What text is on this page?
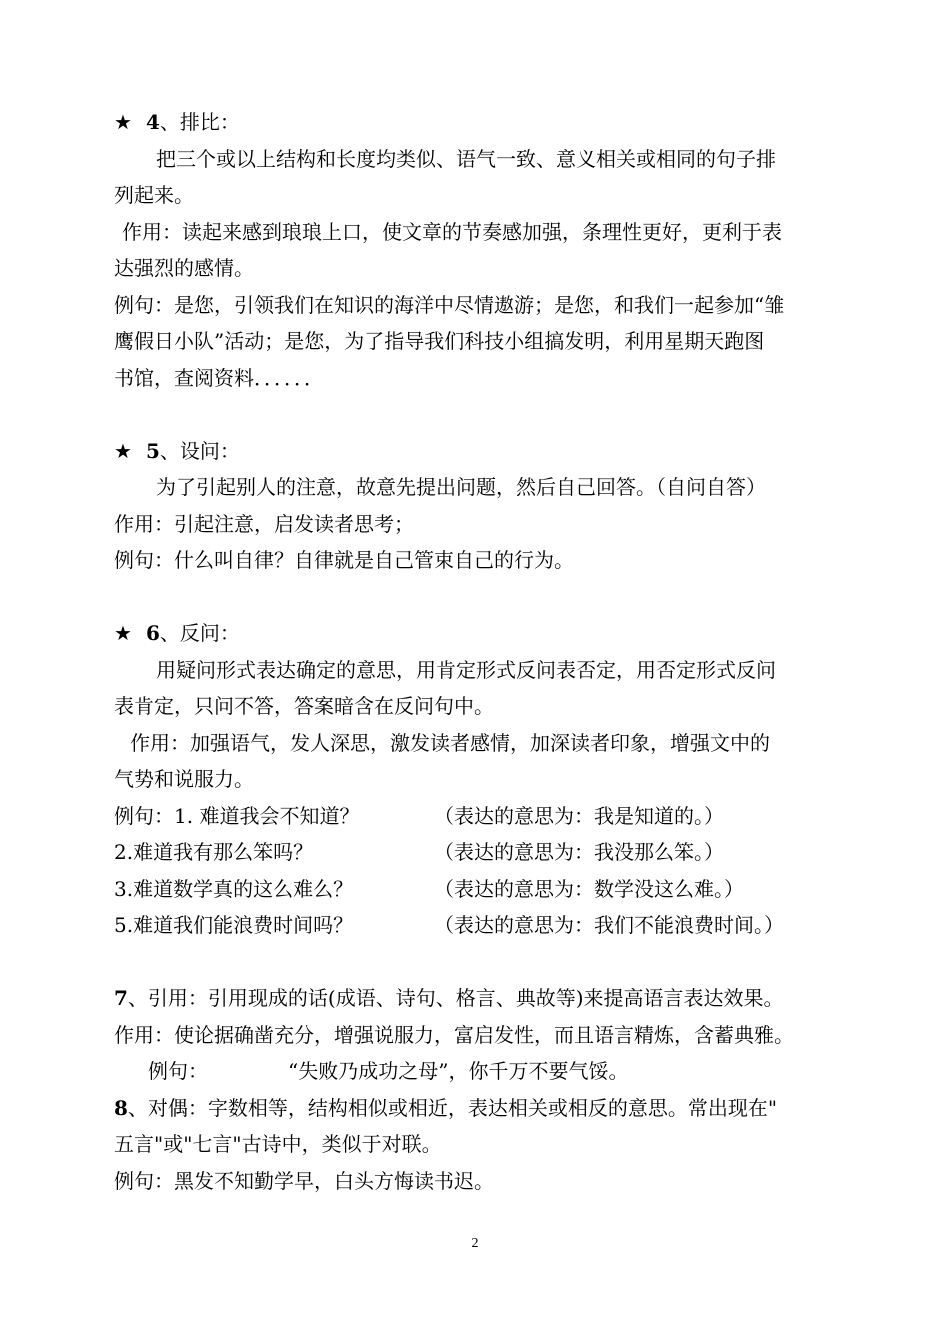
★ 4、排比：
把三个或以上结构和长度均类似、语气一致、意义相关或相同的句子排
列起来。
作用：读起来感到琅琅上口，使文章的节奏感加强，条理性更好，更利于表
达强烈的感情。
例句：是您，引领我们在知识的海洋中尽情遨游；是您，和我们一起参加“雏
鹰假日小队”活动；是您，为了指导我们科技小组搞发明，利用星期天跑图
书馆，查阅资料．．．．．．
★ 5、设问：
为了引起别人的注意，故意先提出问题，然后自己回答。（自问自答）
作用：引起注意，启发读者思考；
例句：什么叫自律？自律就是自己管束自己的行为。
★ 6、反问：
用疑问形式表达确定的意思，用肯定形式反问表否定，用否定形式反问
表肯定，只问不答，答案暗含在反问句中。
作用：加强语气，发人深思，激发读者感情，加深读者印象，增强文中的
气势和说服力。
例句：1. 难道我会不知道？	（表达的意思为：我是知道的。）
2.难道我有那么笨吗？	（表达的意思为：我没那么笨。）
3.难道数学真的这么难么？	（表达的意思为：数学没这么难。）
5.难道我们能浪费时间吗？	（表达的意思为：我们不能浪费时间。）
7、引用：引用现成的话(成语、诗句、格言、典故等)来提高语言表达效果。
作用：使论据确凿充分，增强说服力，富启发性，而且语言精炼，含蓄典雅。
例句：	“失败乃成功之母”，你千万不要气馁。
8、对偶：字数相等，结构相似或相近，表达相关或相反的意思。常出现在"
五言"或"七言"古诗中，类似于对联。
例句：黑发不知勤学早，白头方悔读书迟。
2
